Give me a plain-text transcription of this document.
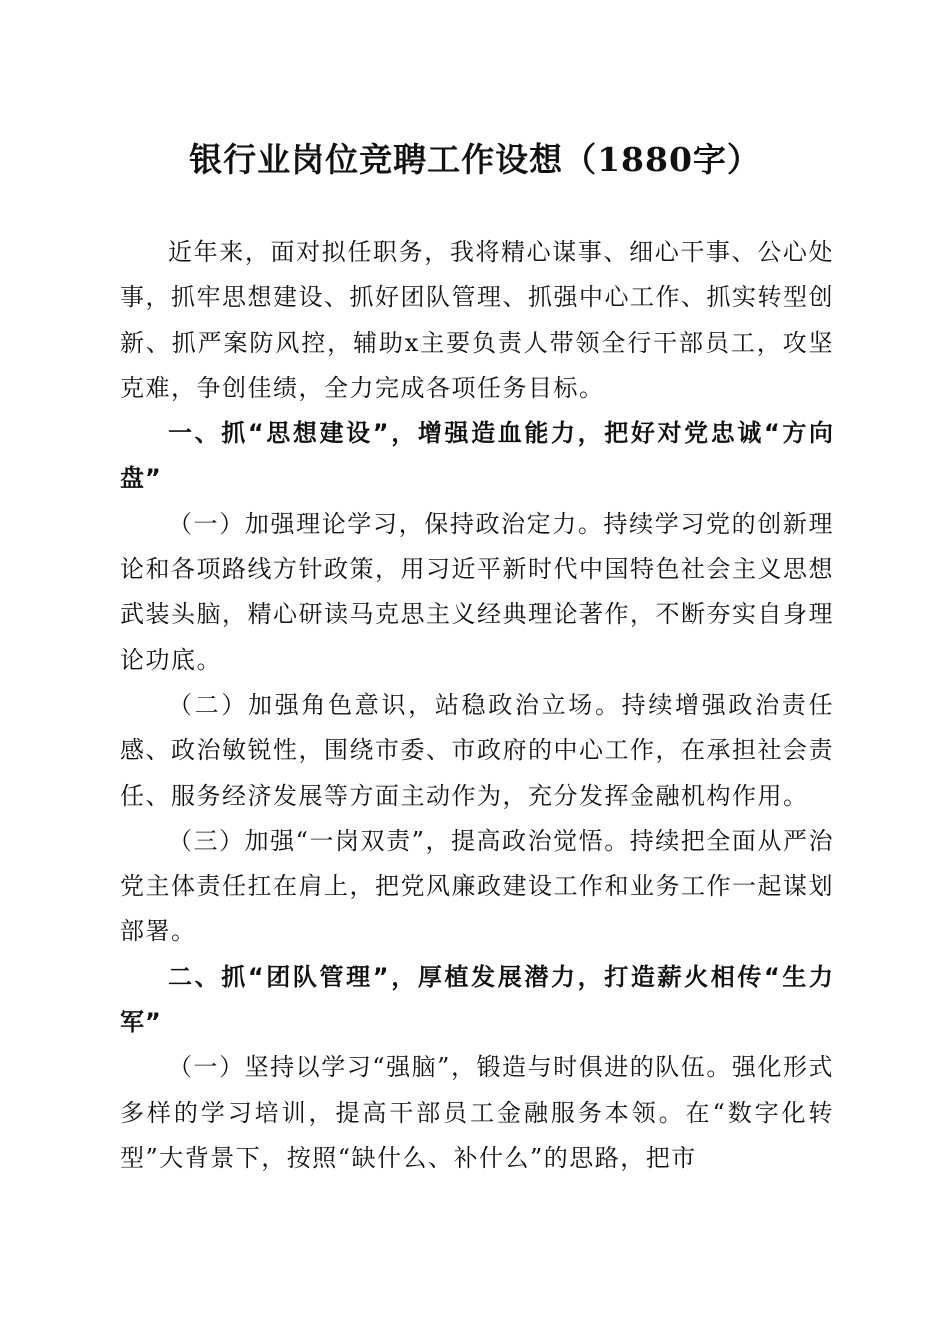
银行业岗位竞聘工作设想（1880字）

近年来，面对拟任职务，我将精心谋事、细心干事、公心处事，抓牢思想建设、抓好团队管理、抓强中心工作、抓实转型创新、抓严案防风控，辅助x主要负责人带领全行干部员工，攻坚克难，争创佳绩，全力完成各项任务目标。

一、抓“思想建设”，增强造血能力，把好对党忠诚“方向盘”

（一）加强理论学习，保持政治定力。持续学习党的创新理论和各项路线方针政策，用习近平新时代中国特色社会主义思想武装头脑，精心研读马克思主义经典理论著作，不断夯实自身理论功底。

（二）加强角色意识，站稳政治立场。持续增强政治责任感、政治敏锐性，围绕市委、市政府的中心工作，在承担社会责任、服务经济发展等方面主动作为，充分发挥金融机构作用。

（三）加强“一岗双责”，提高政治觉悟。持续把全面从严治党主体责任扛在肩上，把党风廉政建设工作和业务工作一起谋划部署。

二、抓“团队管理”，厚植发展潜力，打造薪火相传“生力军”

（一）坚持以学习“强脑”，锻造与时俱进的队伍。强化形式多样的学习培训，提高干部员工金融服务本领。在“数字化转型”大背景下，按照“缺什么、补什么”的思路，把市
